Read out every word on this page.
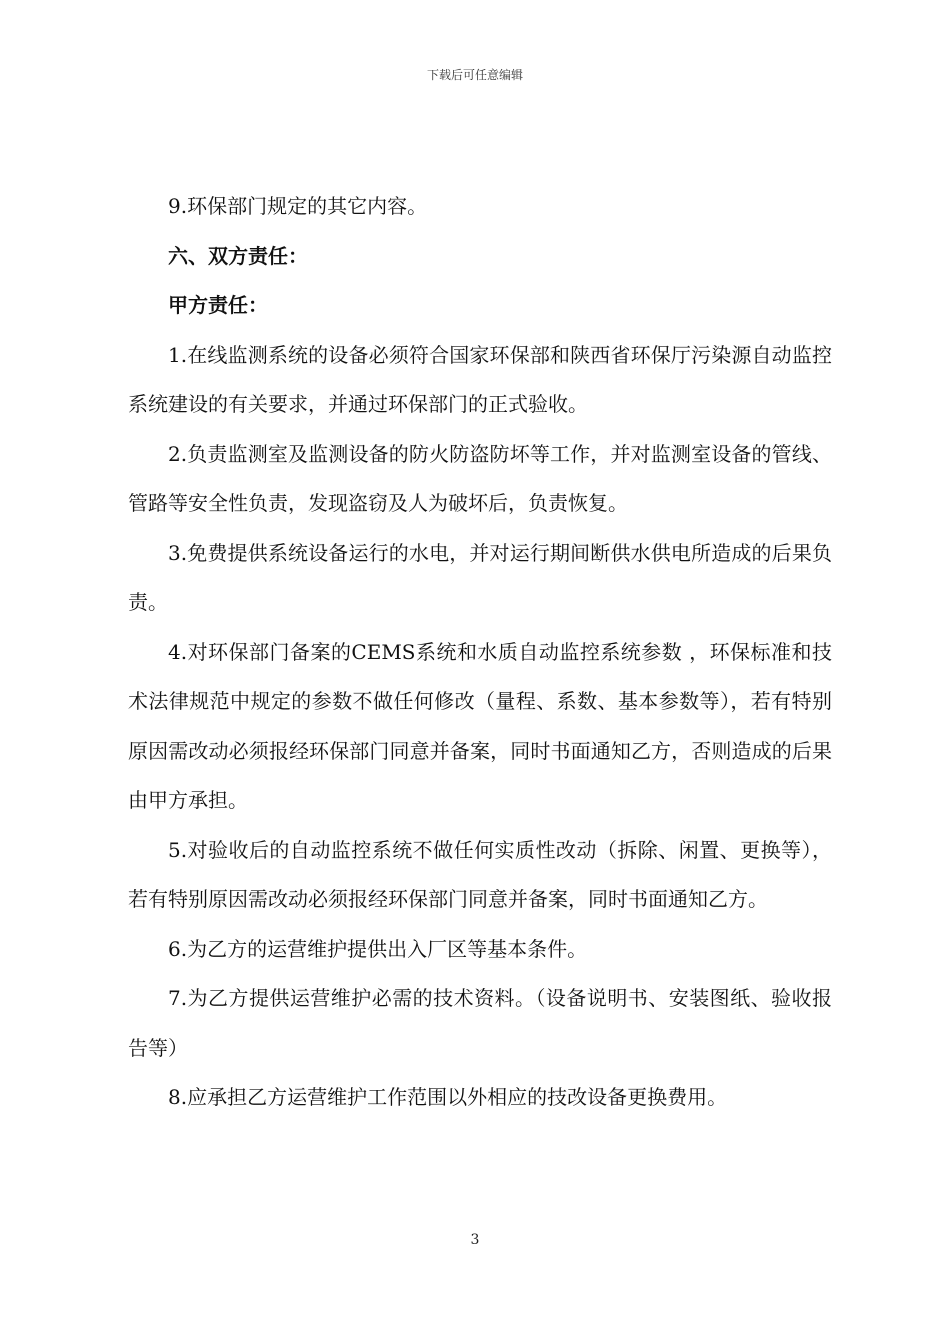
下载后可任意编辑

9.环保部门规定的其它内容。

六、双方责任：

甲方责任：

1.在线监测系统的设备必须符合国家环保部和陕西省环保厅污染源自动监控系统建设的有关要求，并通过环保部门的正式验收。

2.负责监测室及监测设备的防火防盗防坏等工作，并对监测室设备的管线、管路等安全性负责，发现盗窃及人为破坏后，负责恢复。

3.免费提供系统设备运行的水电，并对运行期间断供水供电所造成的后果负责。

4.对环保部门备案的CEMS系统和水质自动监控系统参数 ，环保标准和技术法律规范中规定的参数不做任何修改（量程、系数、基本参数等），若有特别原因需改动必须报经环保部门同意并备案，同时书面通知乙方，否则造成的后果由甲方承担。

5.对验收后的自动监控系统不做任何实质性改动（拆除、闲置、更换等），若有特别原因需改动必须报经环保部门同意并备案，同时书面通知乙方。

6.为乙方的运营维护提供出入厂区等基本条件。

7.为乙方提供运营维护必需的技术资料。（设备说明书、安装图纸、验收报告等）

8.应承担乙方运营维护工作范围以外相应的技改设备更换费用。

3
